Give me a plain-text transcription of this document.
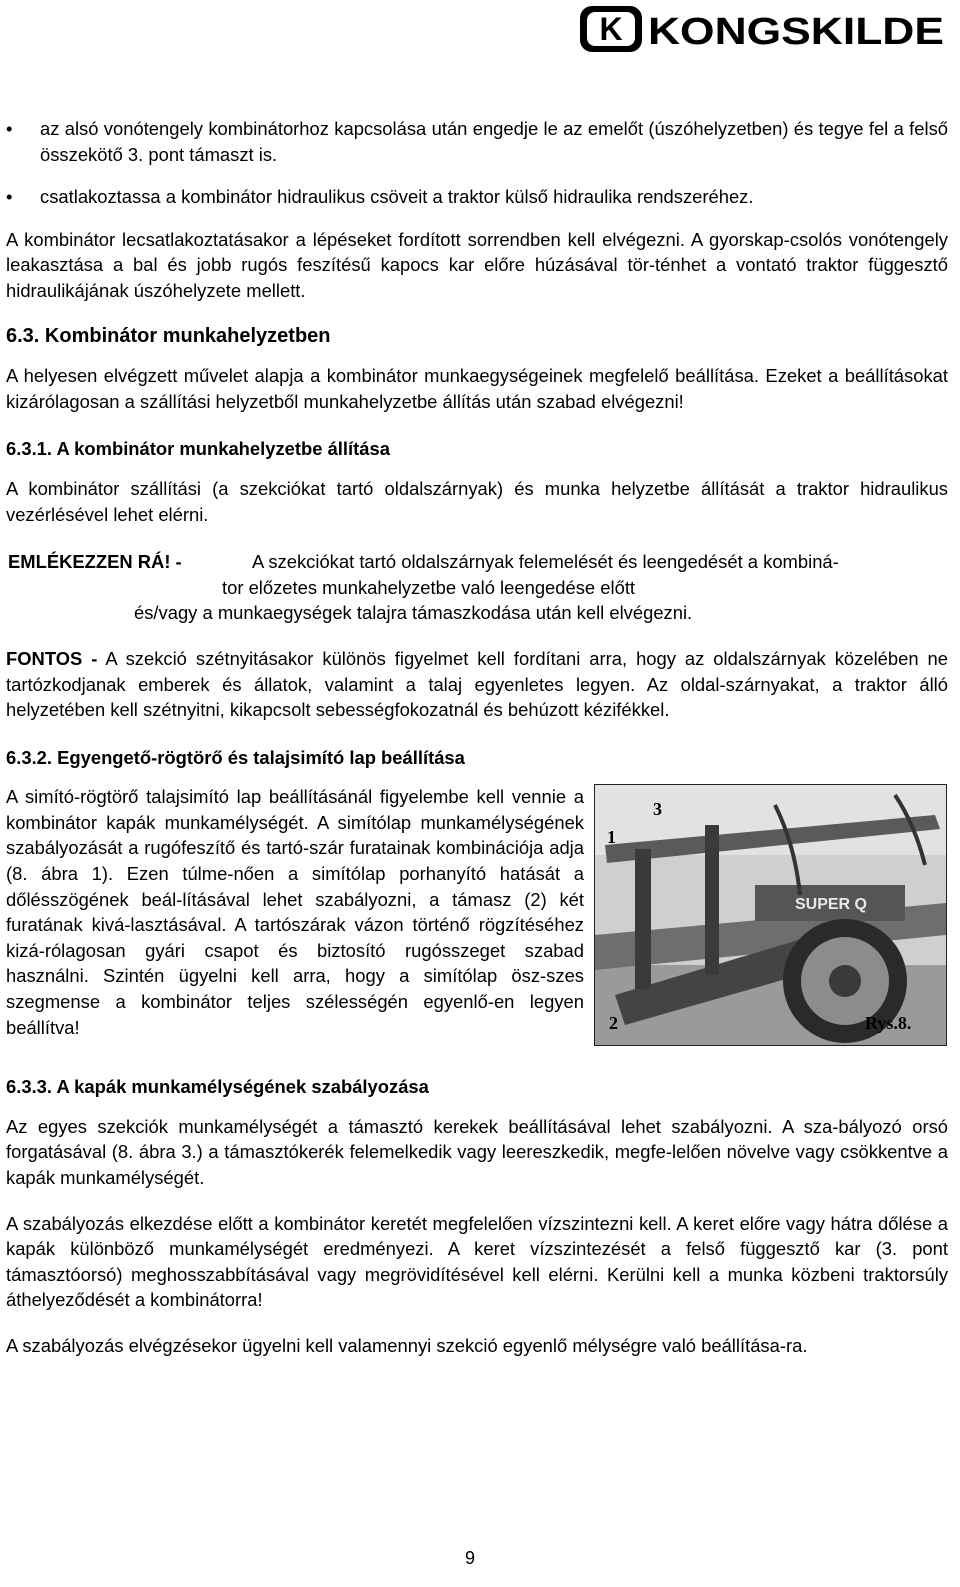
K KONGSKILDE
• az alsó vonótengely kombinátorhoz kapcsolása után engedje le az emelőt (úszóhelyzetben) és tegye fel a felső összekötő 3. pont támaszt is.

• csatlakoztassa a kombinátor hidraulikus csöveit a traktor külső hidraulika rendszeréhez.

A kombinátor lecsatlakoztatásakor a lépéseket fordított sorrendben kell elvégezni. A gyorskap-csolós vonótengely leakasztása a bal és jobb rugós feszítésű kapocs kar előre húzásával tör-ténhet a vontató traktor függesztő hidraulikájának úszóhelyzete mellett.

6.3. Kombinátor munkahelyzetben

A helyesen elvégzett művelet alapja a kombinátor munkaegységeinek megfelelő beállítása. Ezeket a beállításokat kizárólagosan a szállítási helyzetből munkahelyzetbe állítás után szabad elvégezni!

6.3.1. A kombinátor munkahelyzetbe állítása

A kombinátor szállítási (a szekciókat tartó oldalszárnyak) és munka helyzetbe állítását a traktor hidraulikus vezérlésével lehet elérni.

EMLÉKEZZEN RÁ! -	A szekciókat tartó oldalszárnyak felemelését és leengedését a kombiná-

tor előzetes munkahelyzetbe való leengedése előtt

és/vagy a munkaegységek talajra támaszkodása után kell elvégezni.

FONTOS - A szekció szétnyitásakor különös figyelmet kell fordítani arra, hogy az oldalszárnyak közelében ne tartózkodjanak emberek és állatok, valamint a talaj egyenletes legyen. Az oldal-szárnyakat, a traktor álló helyzetében kell szétnyitni, kikapcsolt sebességfokozatnál és behúzott kézifékkel.

6.3.2. Egyengető-rögtörő és talajsimító lap beállítása

A simító-rögtörő talajsimító lap beállításánál figyelembe kell vennie a kombinátor kapák munkamélységét. A simítólap munkamélységének szabályozását a rugófeszítő és tartó-szár furatainak kombinációja adja (8. ábra 1). Ezen túlme-nően a simítólap porhanyító hatását a dőlésszögének beál-lításával lehet szabályozni, a támasz (2) két furatának kivá-lasztásával. A tartószárak vázon történő rögzítéséhez kizá-rólagosan gyári csapot és biztosító rugósszeget szabad használni. Szintén ügyelni kell arra, hogy a simítólap ösz-szes szegmense a kombinátor teljes szélességén egyenlő-en legyen beállítva!

SUPER Q
1
3
2	Rys.8.

6.3.3. A kapák munkamélységének szabályozása

Az egyes szekciók munkamélységét a támasztó kerekek beállításával lehet szabályozni. A sza-bályozó orsó forgatásával (8. ábra 3.) a támasztókerék felemelkedik vagy leereszkedik, megfe-lelően növelve vagy csökkentve a kapák munkamélységét.

A szabályozás elkezdése előtt a kombinátor keretét megfelelően vízszintezni kell. A keret előre vagy hátra dőlése a kapák különböző munkamélységét eredményezi. A keret vízszintezését a felső függesztő kar (3. pont támasztóorsó) meghosszabbításával vagy megrövidítésével kell elérni. Kerülni kell a munka közbeni traktorsúly áthelyeződését a kombinátorra!

A szabályozás elvégzésekor ügyelni kell valamennyi szekció egyenlő mélységre való beállítása-ra.

9
